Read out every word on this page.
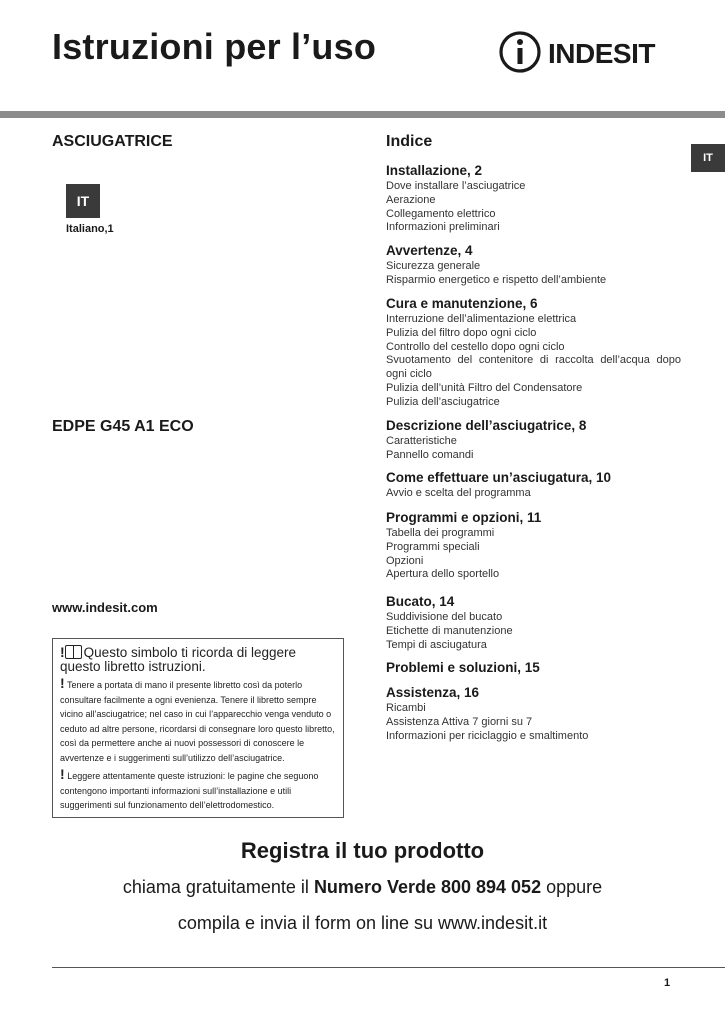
Istruzioni per l’uso	INDESIT
ASCIUGATRICE
IT
Italiano,1
EDPE G45 A1 ECO
www.indesit.com
! Questo simbolo ti ricorda di leggere questo libretto istruzioni.
! Tenere a portata di mano il presente libretto così da poterlo consultare facilmente a ogni evenienza. Tenere il libretto sempre vicino all’asciugatrice; nel caso in cui l’apparecchio venga venduto o ceduto ad altre persone, ricordarsi di consegnare loro questo libretto, così da permettere anche ai nuovi possessori di conoscere le avvertenze e i suggerimenti sull’utilizzo dell’asciugatrice.
! Leggere attentamente queste istruzioni: le pagine che seguono contengono importanti informazioni sull’installazione e utili suggerimenti sul funzionamento dell’elettrodomestico.
Indice
IT
Installazione, 2
Dove installare l’asciugatrice
Aerazione
Collegamento elettrico
Informazioni preliminari
Avvertenze, 4
Sicurezza generale
Risparmio energetico e rispetto dell’ambiente
Cura e manutenzione, 6
Interruzione dell’alimentazione elettrica
Pulizia del filtro dopo ogni ciclo
Controllo del cestello dopo ogni ciclo
Svuotamento del contenitore di raccolta dell’acqua dopo ogni ciclo
Pulizia dell’unità Filtro del Condensatore
Pulizia dell’asciugatrice
Descrizione dell’asciugatrice, 8
Caratteristiche
Pannello comandi
Come effettuare un’asciugatura, 10
Avvio e scelta del programma
Programmi e opzioni, 11
Tabella dei programmi
Programmi speciali
Opzioni
Apertura dello sportello
Bucato, 14
Suddivisione del bucato
Etichette di manutenzione
Tempi di asciugatura
Problemi e soluzioni, 15
Assistenza, 16
Ricambi
Assistenza Attiva 7 giorni su 7
Informazioni per riciclaggio e smaltimento
Registra il tuo prodotto
chiama gratuitamente il Numero Verde 800 894 052 oppure
compila e invia il form on line su www.indesit.it
1
